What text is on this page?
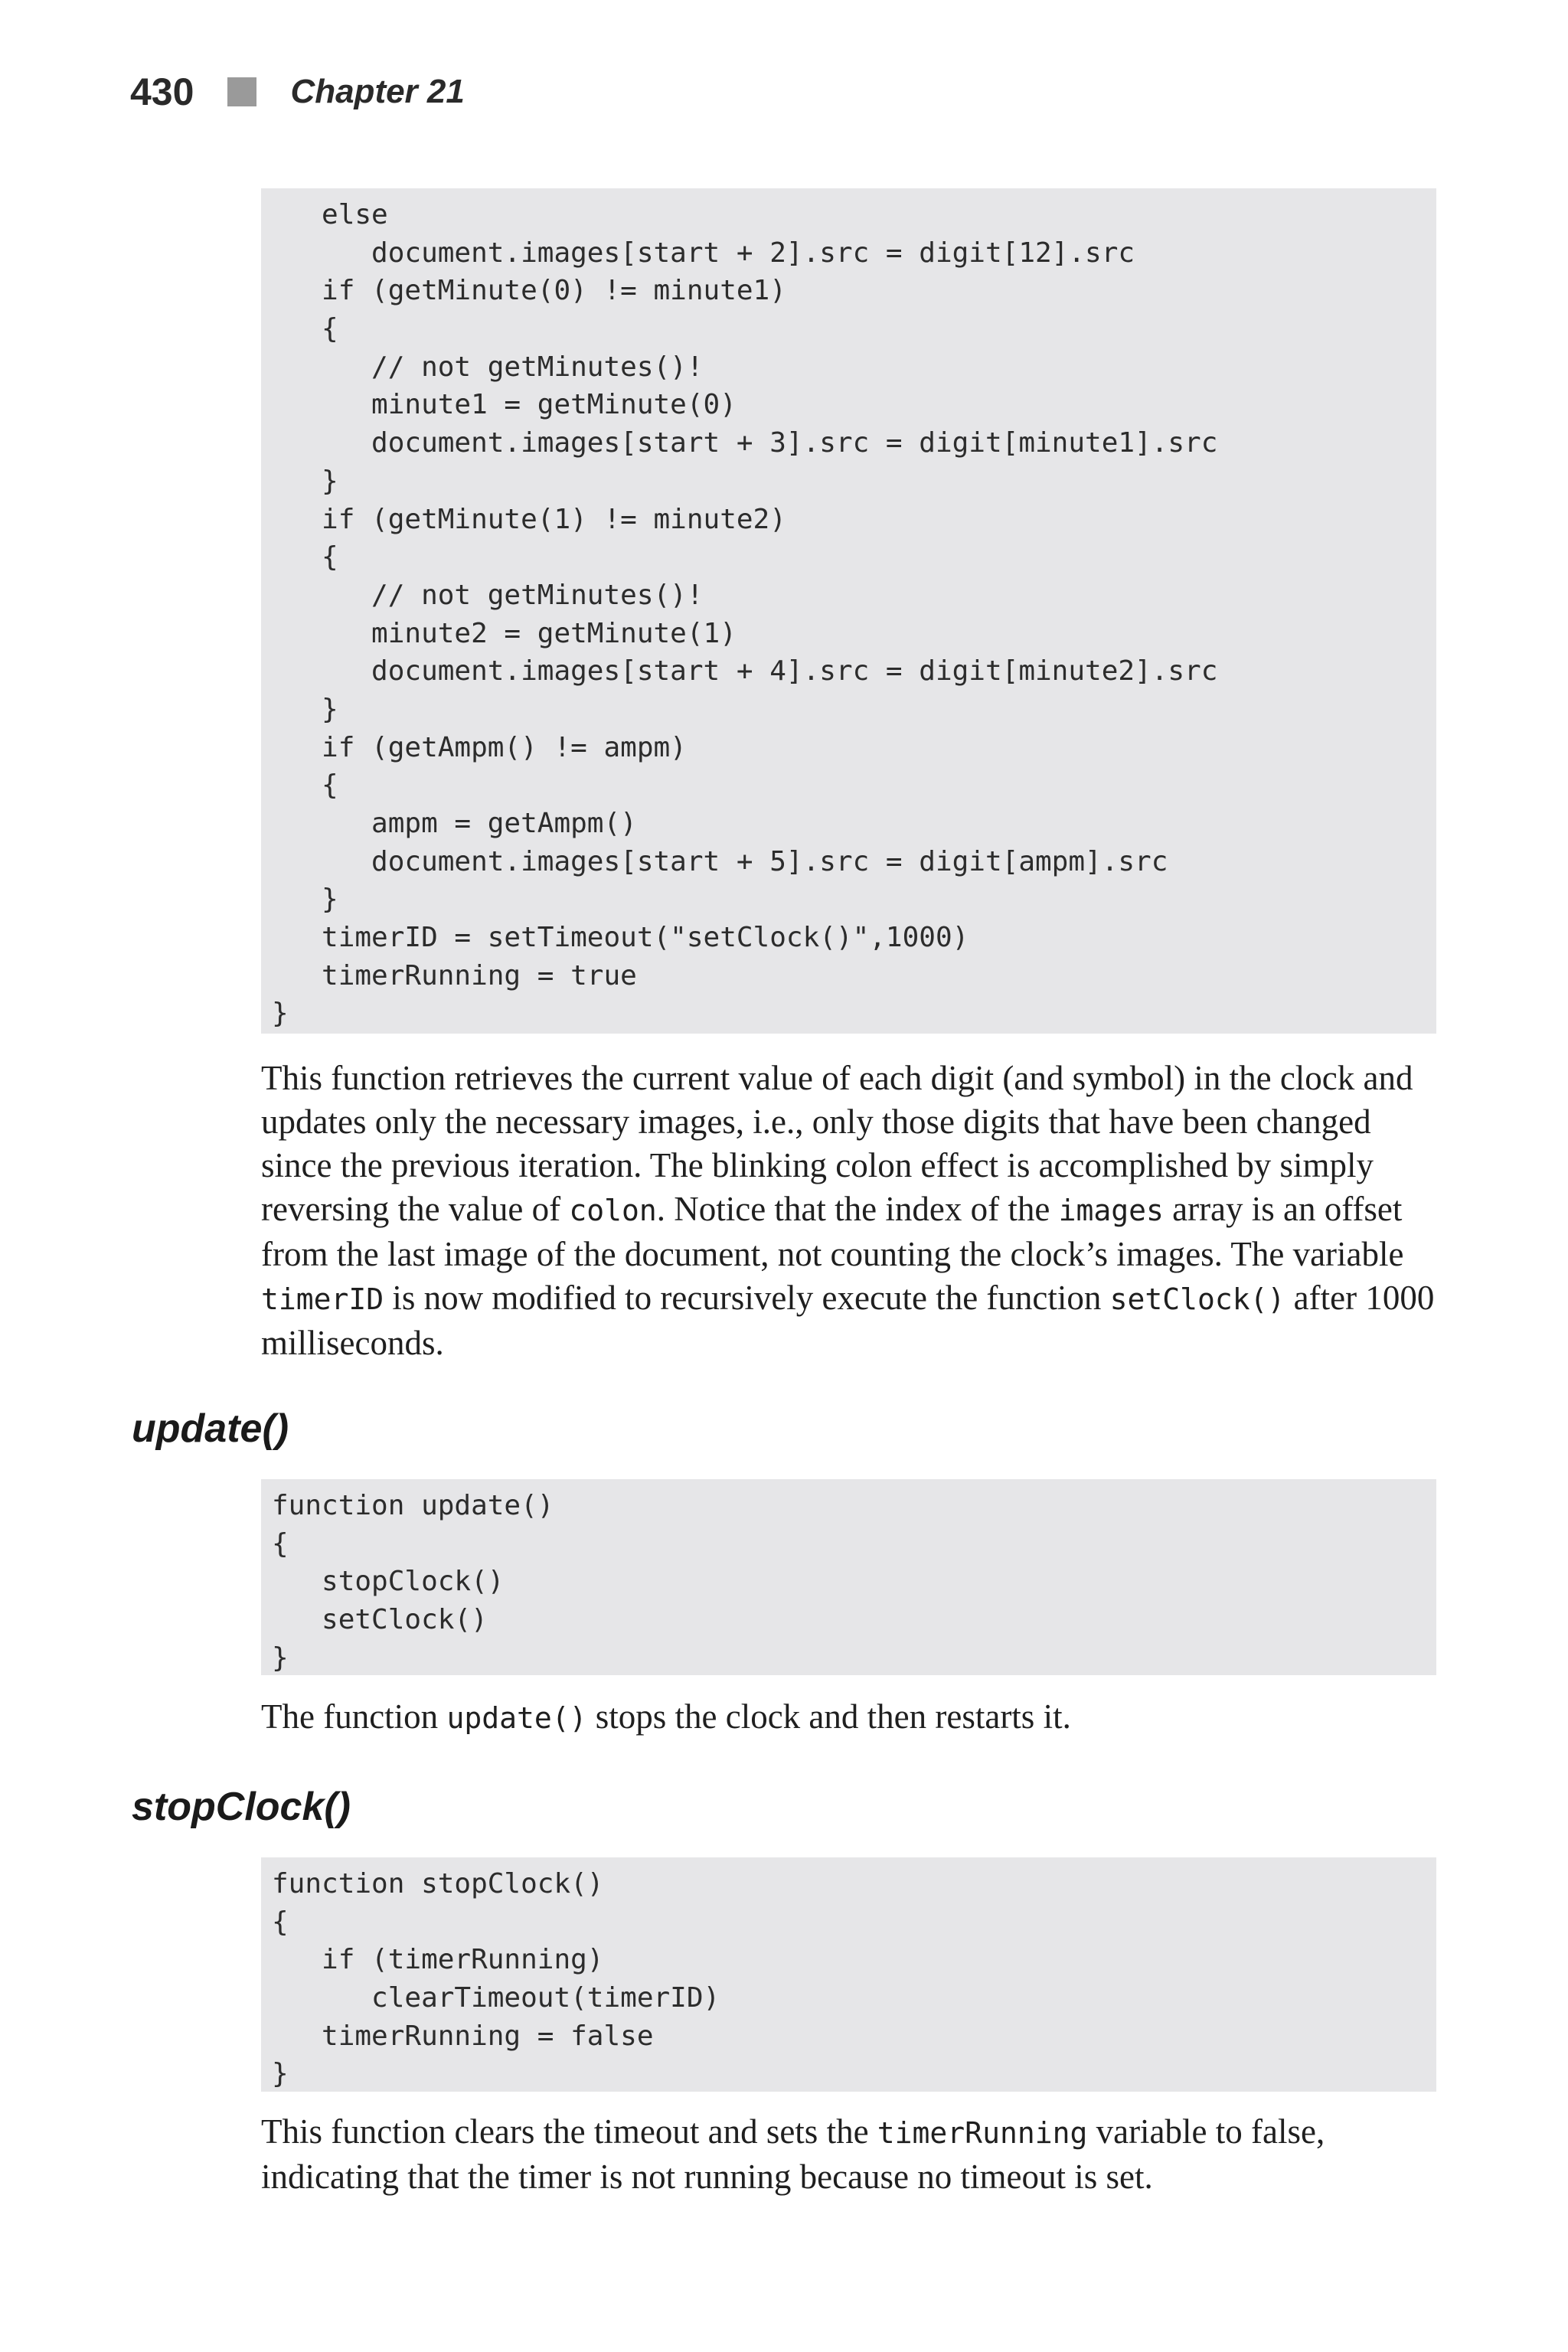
430	Chapter 21
else
document.images[start + 2].src = digit[12].src
if (getMinute(0) != minute1)
{
// not getMinutes()!
minute1 = getMinute(0)
document.images[start + 3].src = digit[minute1].src
}
if (getMinute(1) != minute2)
{
// not getMinutes()!
minute2 = getMinute(1)
document.images[start + 4].src = digit[minute2].src
}
if (getAmpm() != ampm)
{
ampm = getAmpm()
document.images[start + 5].src = digit[ampm].src
}
timerID = setTimeout("setClock()",1000)
timerRunning = true
}

This function retrieves the current value of each digit (and symbol) in the clock and updates only the necessary images, i.e., only those digits that have been changed since the previous iteration. The blinking colon effect is accomplished by simply reversing the value of colon. Notice that the index of the images array is an offset from the last image of the document, not counting the clock’s images. The variable timerID is now modified to recursively execute the function setClock() after 1000 milliseconds.

update()
function update()
{
stopClock()
setClock()
}

The function update() stops the clock and then restarts it.

stopClock()
function stopClock()
{
if (timerRunning)
clearTimeout(timerID)
timerRunning = false
}

This function clears the timeout and sets the timerRunning variable to false, indicating that the timer is not running because no timeout is set.
